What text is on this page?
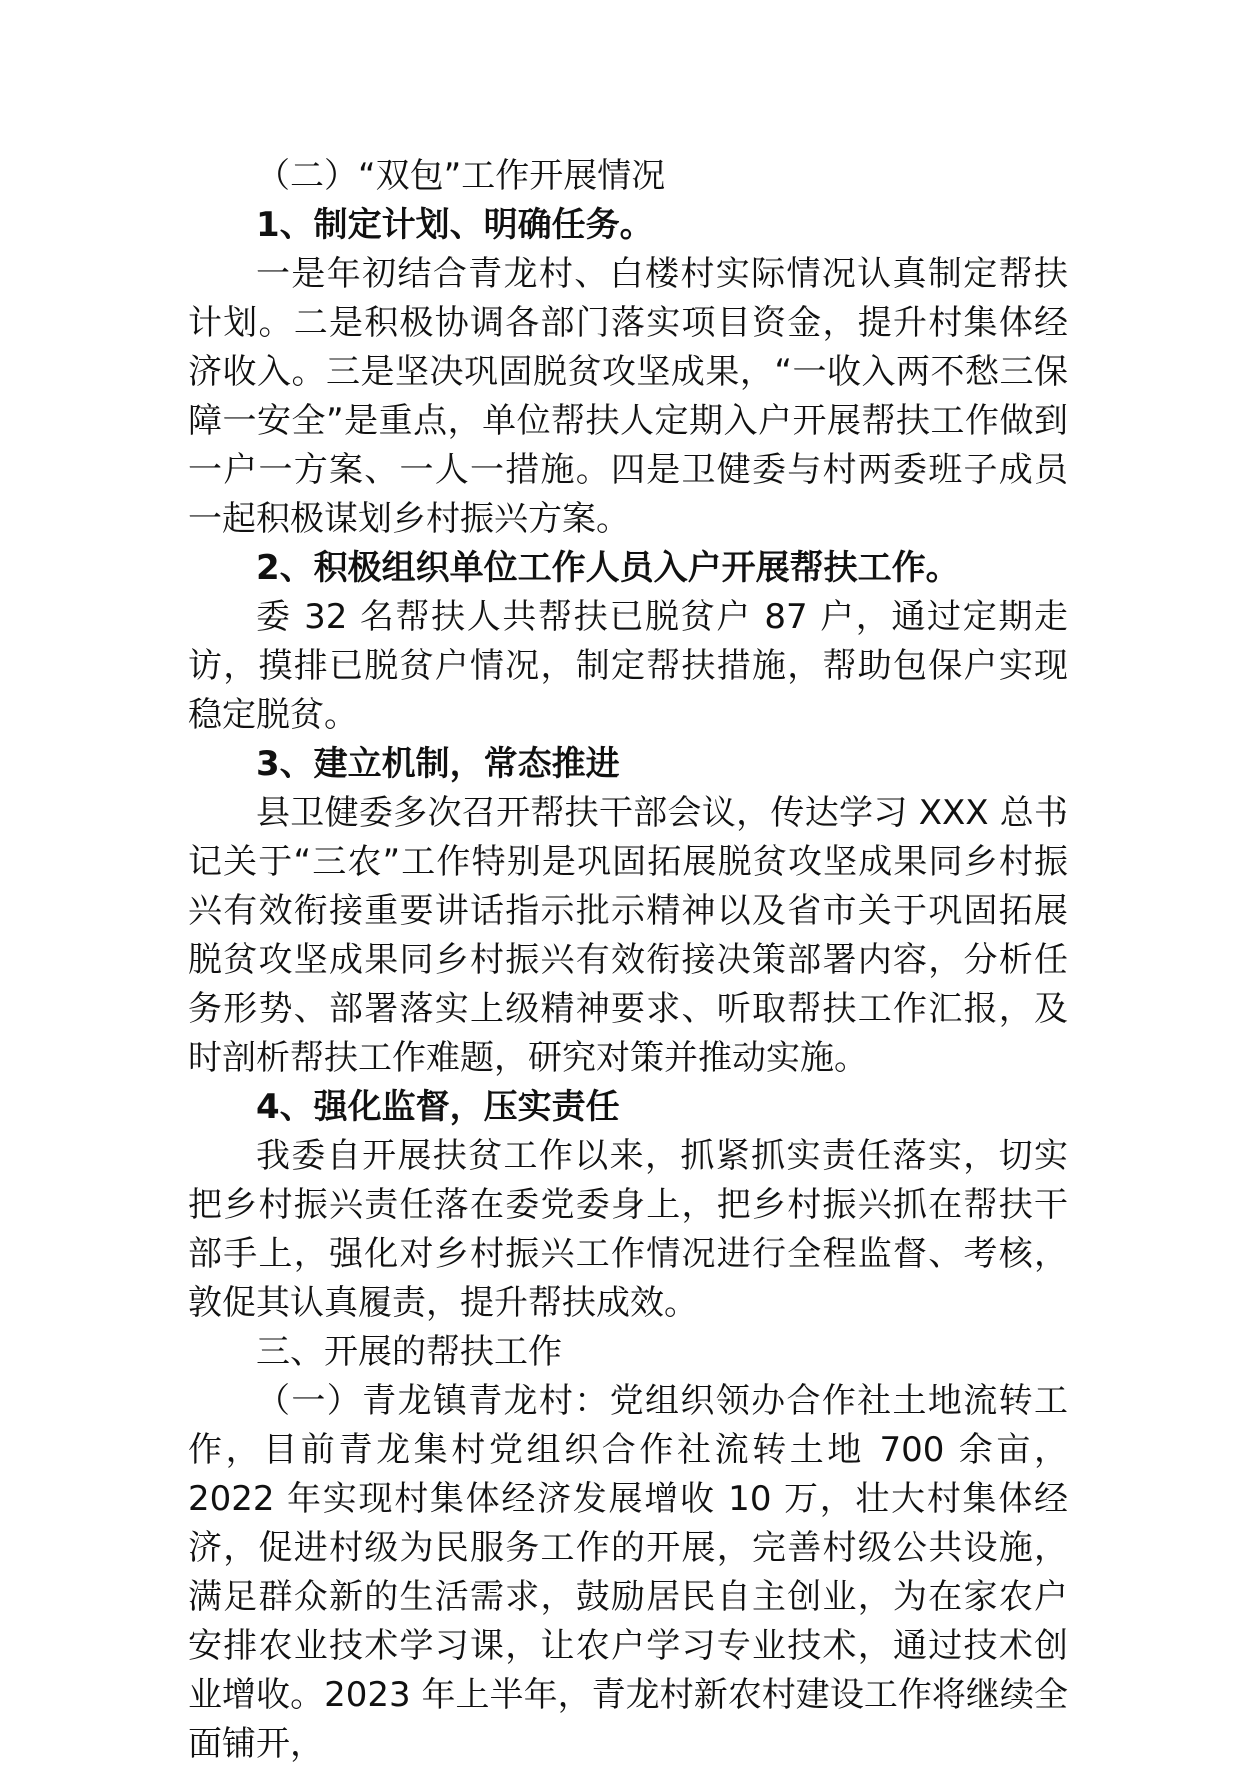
（二）“双包”工作开展情况

1、制定计划、明确任务。

一是年初结合青龙村、白楼村实际情况认真制定帮扶计划。二是积极协调各部门落实项目资金，提升村集体经济收入。三是坚决巩固脱贫攻坚成果，“一收入两不愁三保障一安全”是重点，单位帮扶人定期入户开展帮扶工作做到一户一方案、一人一措施。四是卫健委与村两委班子成员一起积极谋划乡村振兴方案。

2、积极组织单位工作人员入户开展帮扶工作。

委 32 名帮扶人共帮扶已脱贫户 87 户，通过定期走访，摸排已脱贫户情况，制定帮扶措施，帮助包保户实现稳定脱贫。

3、建立机制，常态推进

县卫健委多次召开帮扶干部会议，传达学习 XXX 总书记关于“三农”工作特别是巩固拓展脱贫攻坚成果同乡村振兴有效衔接重要讲话指示批示精神以及省市关于巩固拓展脱贫攻坚成果同乡村振兴有效衔接决策部署内容，分析任务形势、部署落实上级精神要求、听取帮扶工作汇报，及时剖析帮扶工作难题，研究对策并推动实施。

4、强化监督，压实责任

我委自开展扶贫工作以来，抓紧抓实责任落实，切实把乡村振兴责任落在委党委身上，把乡村振兴抓在帮扶干部手上，强化对乡村振兴工作情况进行全程监督、考核，敦促其认真履责，提升帮扶成效。

三、开展的帮扶工作

（一）青龙镇青龙村：党组织领办合作社土地流转工作，目前青龙集村党组织合作社流转土地 700 余亩，2022 年实现村集体经济发展增收 10 万，壮大村集体经济，促进村级为民服务工作的开展，完善村级公共设施，满足群众新的生活需求，鼓励居民自主创业，为在家农户安排农业技术学习课，让农户学习专业技术，通过技术创业增收。2023 年上半年，青龙村新农村建设工作将继续全面铺开，
